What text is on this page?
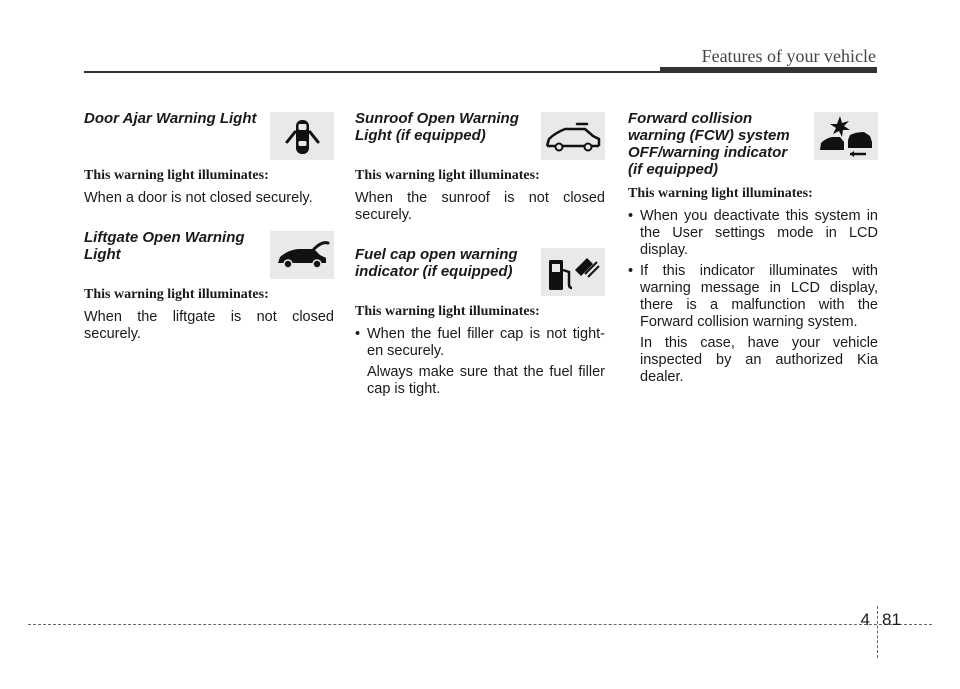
Features of your vehicle
Door Ajar Warning Light
This warning light illuminates:

When a door is not closed securely.

Liftgate Open Warning Light
This warning light illuminates:

When the liftgate is not closed securely.

Sunroof Open Warning Light (if equipped)
This warning light illuminates:

When the sunroof is not closed securely.

Fuel cap open warning indicator (if equipped)
This warning light illuminates:
• When the fuel filler cap is not tight-en securely.

Always make sure that the fuel filler cap is tight.

Forward collision warning (FCW) system OFF/warning indicator (if equipped)
This warning light illuminates:
• When you deactivate this system in the User settings mode in LCD display.
• If this indicator illuminates with warning message in LCD display, there is a malfunction with the Forward collision warning system.

In this case, have your vehicle inspected by an authorized Kia dealer.

4 81
